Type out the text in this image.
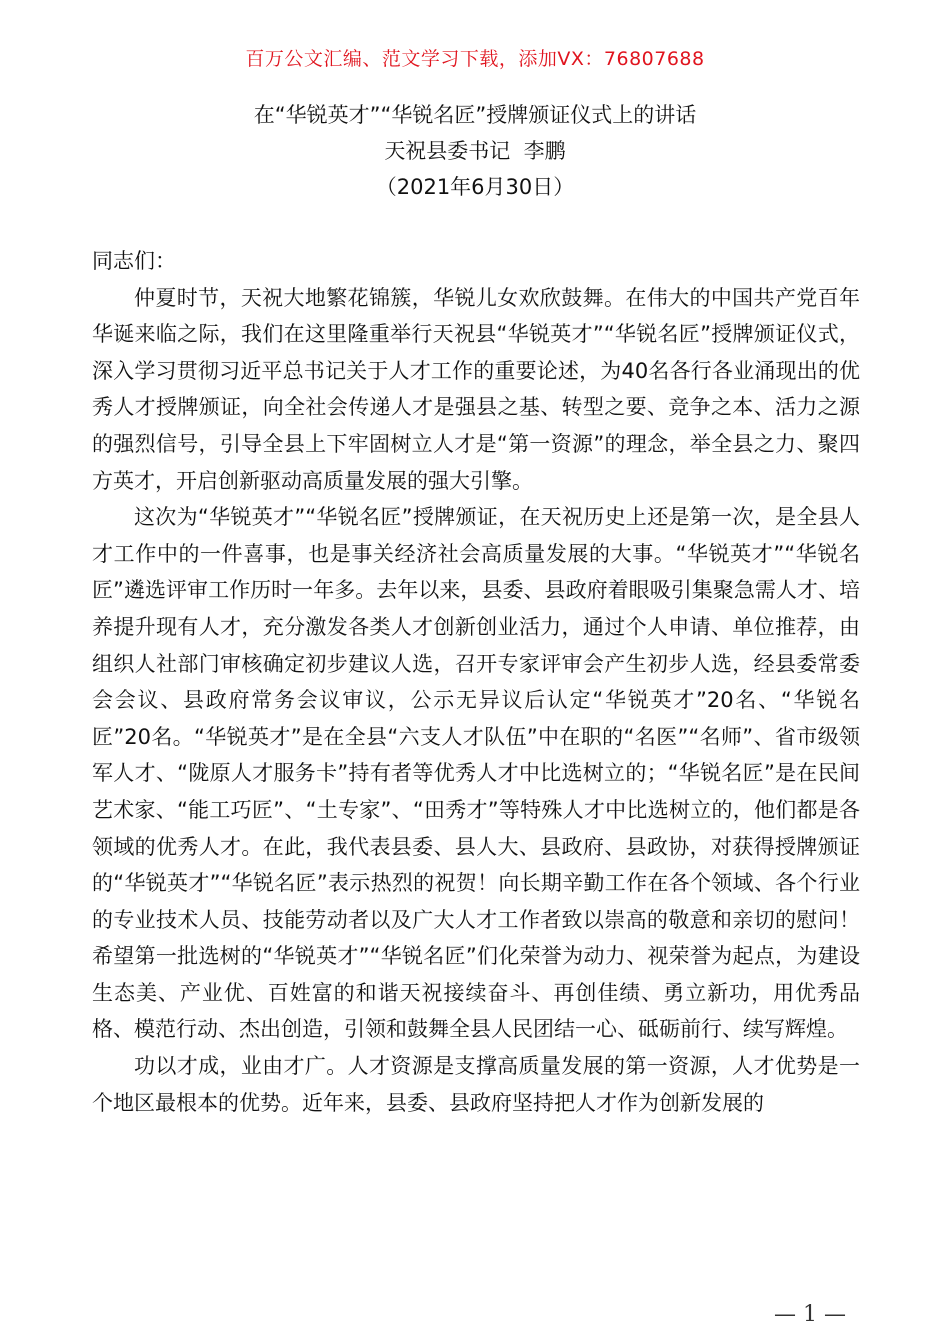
百万公文汇编、范文学习下载，添加VX：76807688
在“华锐英才”“华锐名匠”授牌颁证仪式上的讲话
天祝县委书记  李鹏
（2021年6月30日）

同志们：

仲夏时节，天祝大地繁花锦簇，华锐儿女欢欣鼓舞。在伟大的中国共产党百年华诞来临之际，我们在这里隆重举行天祝县“华锐英才”“华锐名匠”授牌颁证仪式，深入学习贯彻习近平总书记关于人才工作的重要论述，为40名各行各业涌现出的优秀人才授牌颁证，向全社会传递人才是强县之基、转型之要、竞争之本、活力之源的强烈信号，引导全县上下牢固树立人才是“第一资源”的理念，举全县之力、聚四方英才，开启创新驱动高质量发展的强大引擎。

这次为“华锐英才”“华锐名匠”授牌颁证，在天祝历史上还是第一次，是全县人才工作中的一件喜事，也是事关经济社会高质量发展的大事。“华锐英才”“华锐名匠”遴选评审工作历时一年多。去年以来，县委、县政府着眼吸引集聚急需人才、培养提升现有人才，充分激发各类人才创新创业活力，通过个人申请、单位推荐，由组织人社部门审核确定初步建议人选，召开专家评审会产生初步人选，经县委常委会会议、县政府常务会议审议，公示无异议后认定“华锐英才”20名、“华锐名匠”20名。“华锐英才”是在全县“六支人才队伍”中在职的“名医”“名师”、省市级领军人才、“陇原人才服务卡”持有者等优秀人才中比选树立的；“华锐名匠”是在民间艺术家、“能工巧匠”、“土专家”、“田秀才”等特殊人才中比选树立的，他们都是各领域的优秀人才。在此，我代表县委、县人大、县政府、县政协，对获得授牌颁证的“华锐英才”“华锐名匠”表示热烈的祝贺！向长期辛勤工作在各个领域、各个行业的专业技术人员、技能劳动者以及广大人才工作者致以崇高的敬意和亲切的慰问！希望第一批选树的“华锐英才”“华锐名匠”们化荣誉为动力、视荣誉为起点，为建设生态美、产业优、百姓富的和谐天祝接续奋斗、再创佳绩、勇立新功，用优秀品格、模范行动、杰出创造，引领和鼓舞全县人民团结一心、砥砺前行、续写辉煌。

功以才成，业由才广。人才资源是支撑高质量发展的第一资源，人才优势是一个地区最根本的优势。近年来，县委、县政府坚持把人才作为创新发展的

— 1 —
